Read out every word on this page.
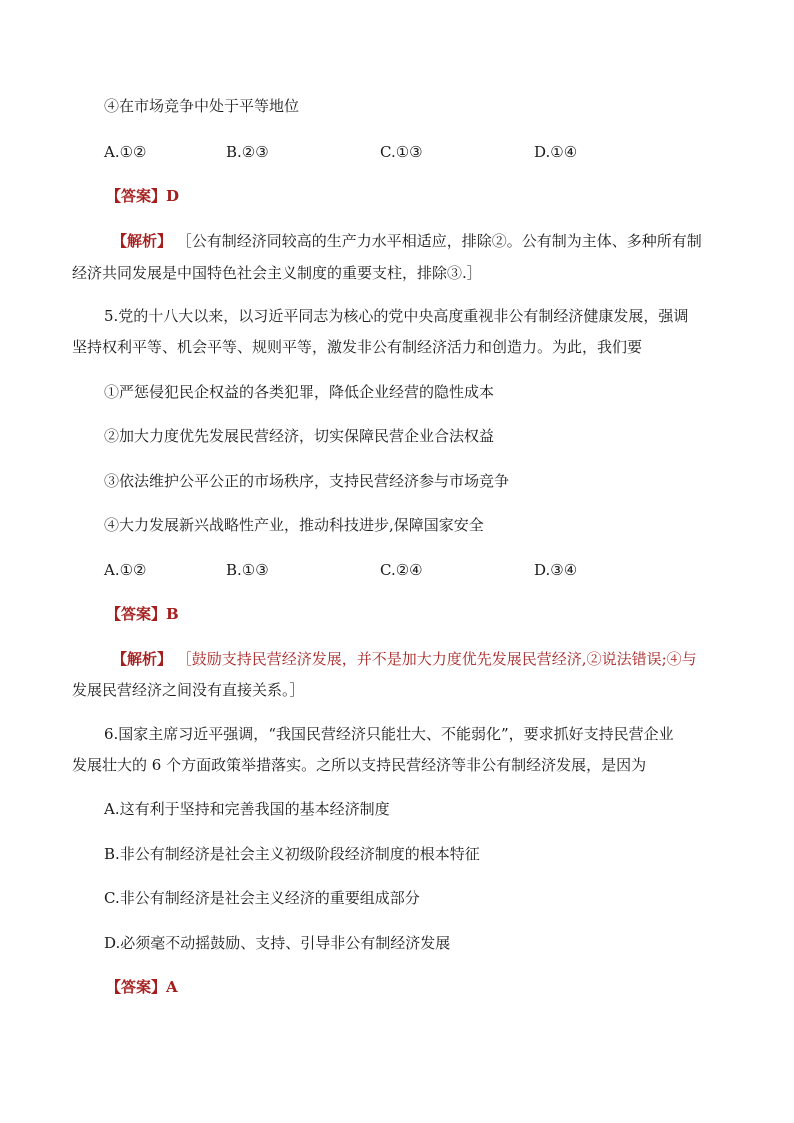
④在市场竞争中处于平等地位
A.①②	B.②③	C.①③	D.①④
【答案】D
【解析】 ［公有制经济同较高的生产力水平相适应，排除②。公有制为主体、多种所有制
经济共同发展是中国特色社会主义制度的重要支柱，排除③.］
5.党的十八大以来，以习近平同志为核心的党中央高度重视非公有制经济健康发展，强调
坚持权利平等、机会平等、规则平等，激发非公有制经济活力和创造力。为此，我们要
①严惩侵犯民企权益的各类犯罪，降低企业经营的隐性成本
②加大力度优先发展民营经济，切实保障民营企业合法权益
③依法维护公平公正的市场秩序，支持民营经济参与市场竞争
④大力发展新兴战略性产业，推动科技进步,保障国家安全
A.①②	B.①③	C.②④	D.③④
【答案】B
【解析】 ［鼓励支持民营经济发展，并不是加大力度优先发展民营经济,②说法错误;④与
发展民营经济之间没有直接关系。］
6.国家主席习近平强调，“我国民营经济只能壮大、不能弱化”，要求抓好支持民营企业
发展壮大的 6 个方面政策举措落实。之所以支持民营经济等非公有制经济发展，是因为
A.这有利于坚持和完善我国的基本经济制度
B.非公有制经济是社会主义初级阶段经济制度的根本特征
C.非公有制经济是社会主义经济的重要组成部分
D.必须毫不动摇鼓励、支持、引导非公有制经济发展
【答案】A
